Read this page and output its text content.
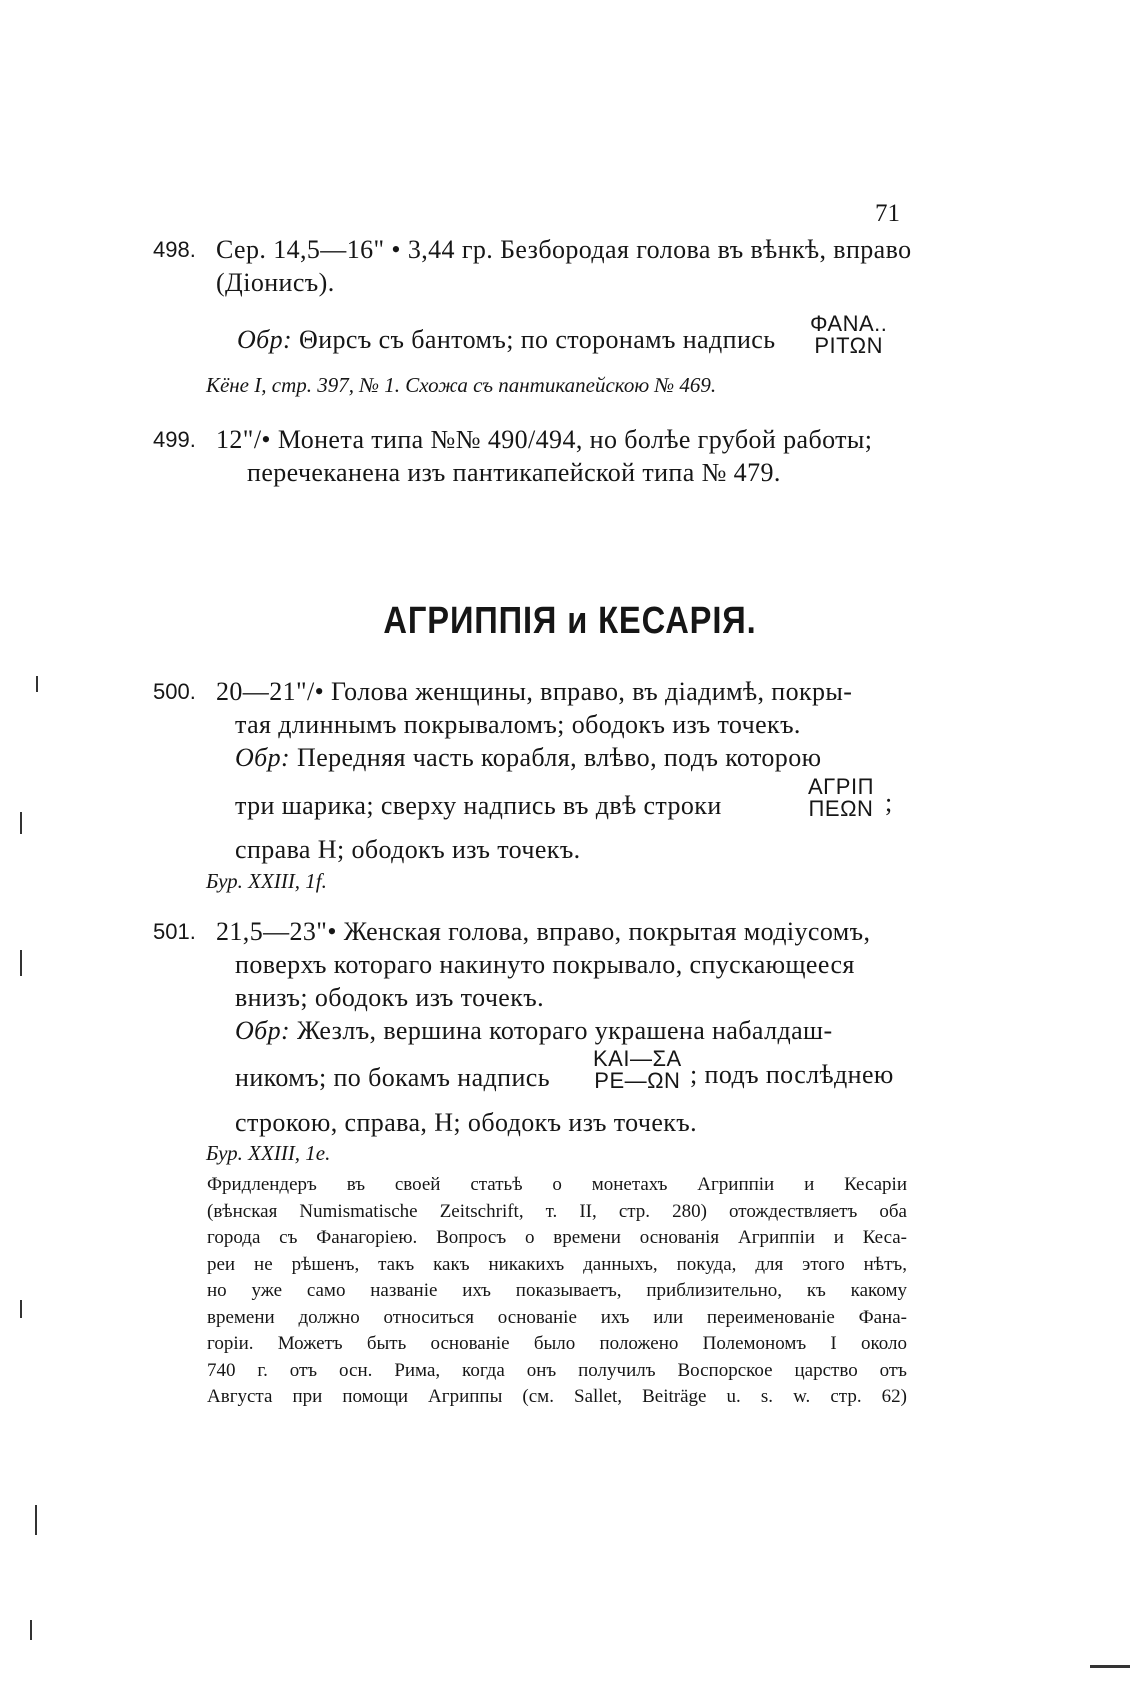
71
498. Сер. 14,5—16" • 3,44 гр. Безбородая голова въ вѣнкѣ, вправо
(Діонисъ).
Обр: Θирсъ съ бантомъ; по сторонамъ надпись
ΦΑΝΑ..
ΡΙΤΩΝ
Кёне I, стр. 397, № 1. Схожа съ пантикапейскою № 469.
499. 12"/• Монета типа №№ 490/494, но болѣе грубой работы;
перечеканена изъ пантикапейской типа № 479.
АГРИППІЯ и КЕСАРІЯ.
500. 20—21"/• Голова женщины, вправо, въ діадимѣ, покры-
тая длиннымъ покрываломъ; ободокъ изъ точекъ.
Обр: Передняя часть корабля, влѣво, подъ которою
три шарика; сверху надпись въ двѣ строки
ΑΓΡΙΠ
ΠΕΩΝ ;
справа Η; ободокъ изъ точекъ.
Бур. XXIII, 1f.
501. 21,5—23"• Женская голова, вправо, покрытая модіусомъ,
поверхъ котораго накинуто покрывало, спускающееся
внизъ; ободокъ изъ точекъ.
Обр: Жезлъ, вершина котораго украшена набалдаш-
никомъ; по бокамъ надпись
ΚΑΙ—ΣΑ
ΡΕ—ΩΝ ; подъ послѣднею
строкою, справа, Η; ободокъ изъ точекъ.
Бур. XXIII, 1e.
Фридлендеръ въ своей статьѣ о монетахъ Агриппіи и Кесаріи
(вѣнская Numismatische Zeitschrift, т. II, стр. 280) отождествляетъ оба
города съ Фанагоріею. Вопросъ о времени основанія Агриппіи и Кеса-
реи не рѣшенъ, такъ какъ никакихъ данныхъ, покуда, для этого нѣтъ,
но уже само названіе ихъ показываетъ, приблизительно, къ какому
времени должно относиться основаніе ихъ или переименованіе Фана-
горіи. Можетъ быть основаніе было положено Полемономъ I около
740 г. отъ осн. Рима, когда онъ получилъ Воспорское царство отъ
Августа при помощи Агриппы (см. Sallet, Beiträge u. s. w. стр. 62)
